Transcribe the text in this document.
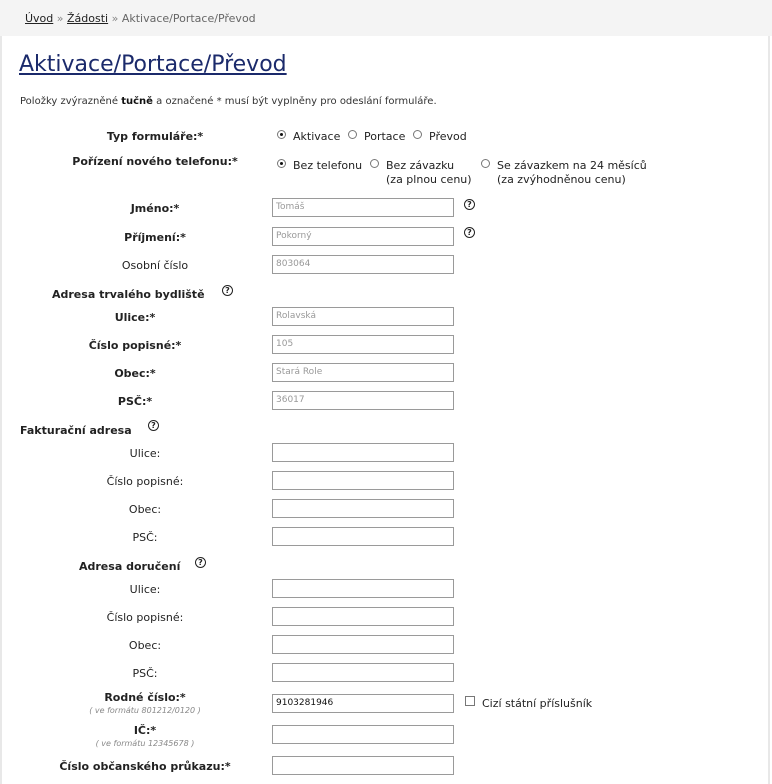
Úvod » Žádosti » Aktivace/Portace/Převod
Aktivace/Portace/Převod
Položky zvýrazněné tučně a označené * musí být vyplněny pro odeslání formuláře.
Typ formuláře:*	Aktivace Portace Převod
Pořízení nového telefonu:*	Bez telefonu Bez závazku
(za plnou cenu)
Se závazkem na 24 měsíců
(za zvýhodněnou cenu)
Jméno:*	Tomáš	?
Příjmení:*	Pokorný	?
Osobní číslo	803064
Adresa trvalého bydliště	?
Ulice:*	Rolavská
Číslo popisné:*	105
Obec:*	Stará Role
PSČ:*	36017
Fakturační adresa	?
Ulice:
Číslo popisné:
Obec:
PSČ:
Adresa doručení	?
Ulice:
Číslo popisné:
Obec:
PSČ:
Rodné číslo:*
( ve formátu 801212/0120 )
9103281946	Cizí státní příslušník
IČ:*
( ve formátu 12345678 )
Číslo občanského průkazu:*
